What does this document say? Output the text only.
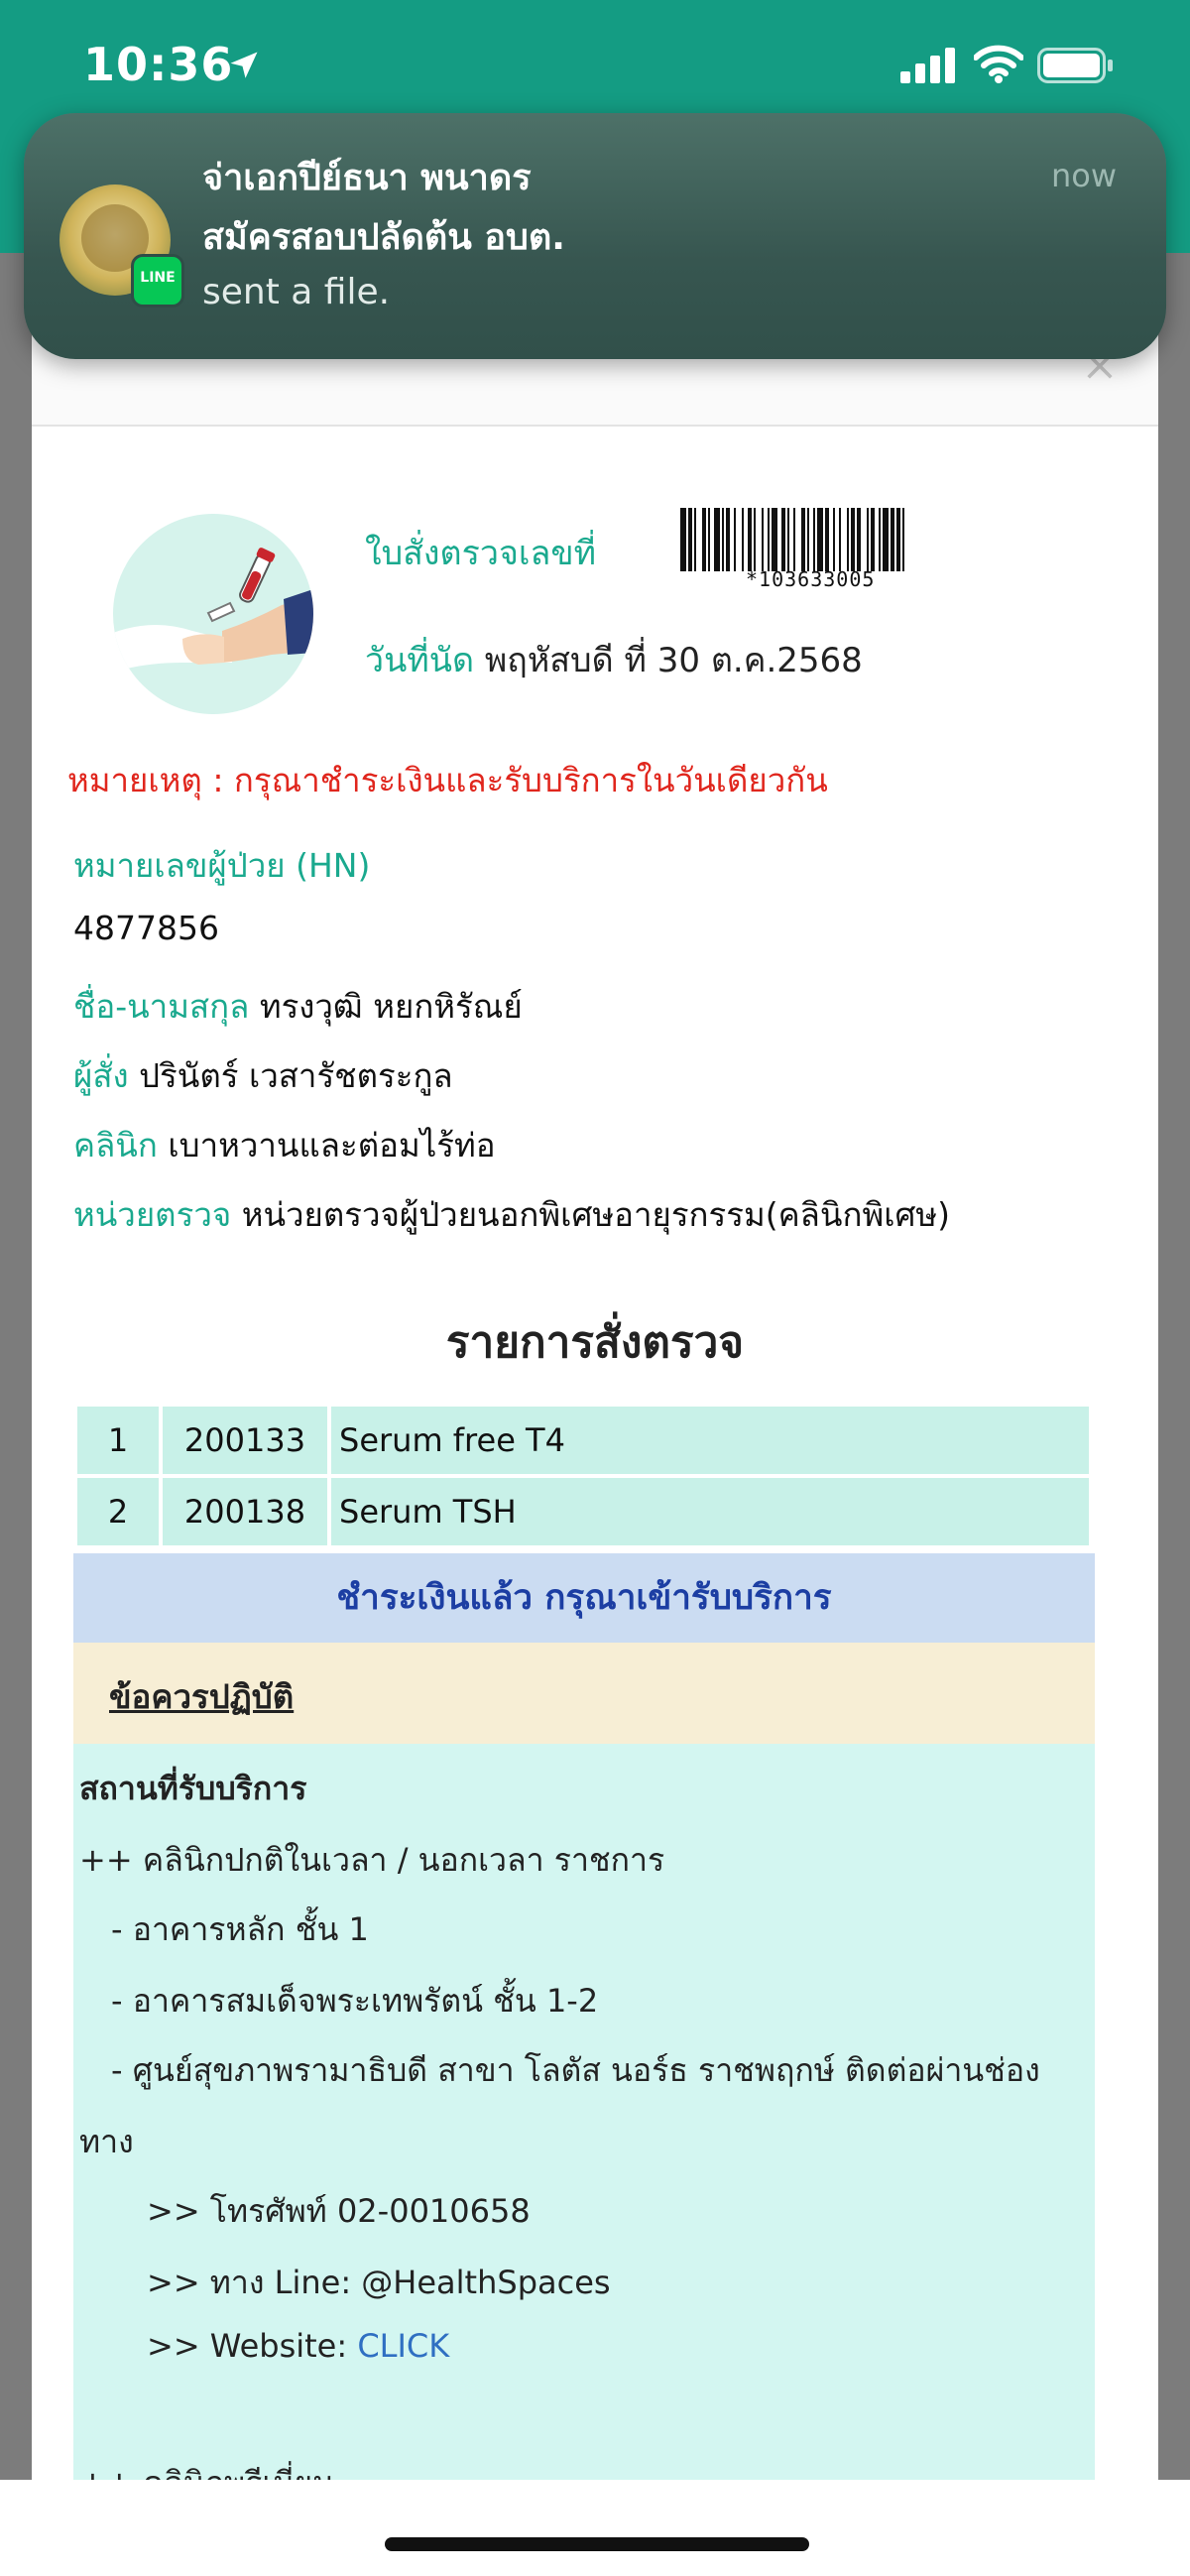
10:36
LINE
จ่าเอกปีย์ธนา พนาดร
สมัครสอบปลัดต้น อบต.
sent a file.
now
ใบสั่งตรวจเลขที่
*103633005
วันที่นัด พฤหัสบดี ที่ 30 ต.ค.2568
หมายเหตุ : กรุณาชำระเงินและรับบริการในวันเดียวกัน
หมายเลขผู้ป่วย (HN)
4877856
ชื่อ-นามสกุล ทรงวุฒิ หยกหิรัณย์
ผู้สั่ง ปรินัตร์ เวสารัชตระกูล
คลินิก เบาหวานและต่อมไร้ท่อ
หน่วยตรวจ หน่วยตรวจผู้ป่วยนอกพิเศษอายุรกรรม(คลินิกพิเศษ)
รายการสั่งตรวจ
1	200133	Serum free T4
2	200138	Serum TSH
ชำระเงินแล้ว กรุณาเข้ารับบริการ
ข้อควรปฏิบัติ
สถานที่รับบริการ
++ คลินิกปกติในเวลา / นอกเวลา ราชการ
- อาคารหลัก ชั้น 1
- อาคารสมเด็จพระเทพรัตน์ ชั้น 1-2
- ศูนย์สุขภาพรามาธิบดี สาขา โลตัส นอร์ธ ราชพฤกษ์ ติดต่อผ่านช่อง
ทาง
>> โทรศัพท์ 02-0010658
>> ทาง Line: @HealthSpaces
>> Website: CLICK
